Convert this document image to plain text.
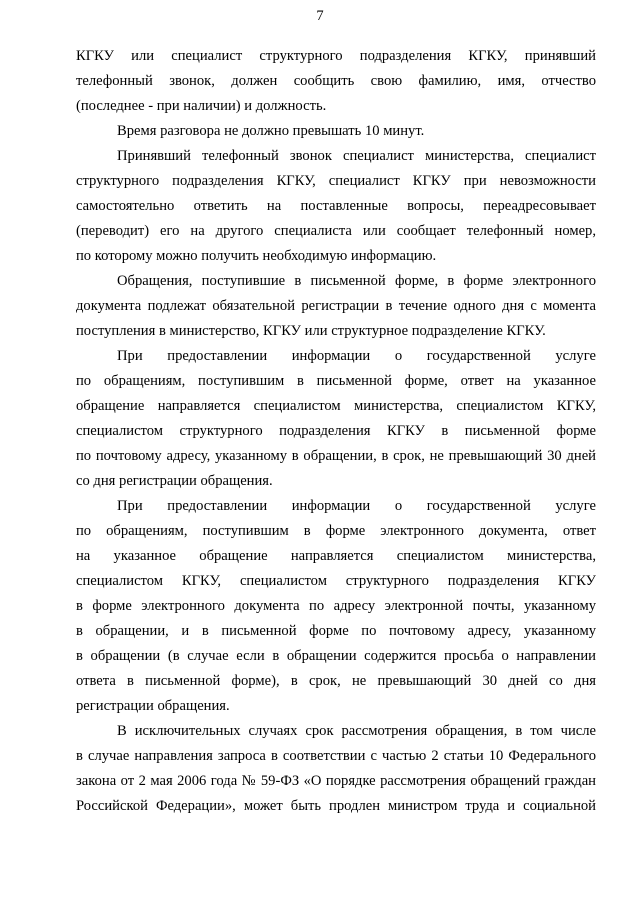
7
КГКУ или специалист структурного подразделения КГКУ, принявший
телефонный звонок, должен сообщить свою фамилию, имя, отчество
(последнее - при наличии) и должность.
Время разговора не должно превышать 10 минут.
Принявший телефонный звонок специалист министерства, специалист
структурного подразделения КГКУ, специалист КГКУ при невозможности
самостоятельно ответить на поставленные вопросы, переадресовывает
(переводит) его на другого специалиста или сообщает телефонный номер,
по которому можно получить необходимую информацию.
Обращения, поступившие в письменной форме, в форме электронного
документа подлежат обязательной регистрации в течение одного дня с момента
поступления в министерство, КГКУ или структурное подразделение КГКУ.
При предоставлении информации о государственной услуге
по обращениям, поступившим в письменной форме, ответ на указанное
обращение направляется специалистом министерства, специалистом КГКУ,
специалистом структурного подразделения КГКУ в письменной форме
по почтовому адресу, указанному в обращении, в срок, не превышающий 30 дней
со дня регистрации обращения.
При предоставлении информации о государственной услуге
по обращениям, поступившим в форме электронного документа, ответ
на указанное обращение направляется специалистом министерства,
специалистом КГКУ, специалистом структурного подразделения КГКУ
в форме электронного документа по адресу электронной почты, указанному
в обращении, и в письменной форме по почтовому адресу, указанному
в обращении (в случае если в обращении содержится просьба о направлении
ответа в письменной форме), в срок, не превышающий 30 дней со дня
регистрации обращения.
В исключительных случаях срок рассмотрения обращения, в том числе
в случае направления запроса в соответствии с частью 2 статьи 10 Федерального
закона от 2 мая 2006 года № 59-ФЗ «О порядке рассмотрения обращений граждан
Российской Федерации», может быть продлен министром труда и социальной
